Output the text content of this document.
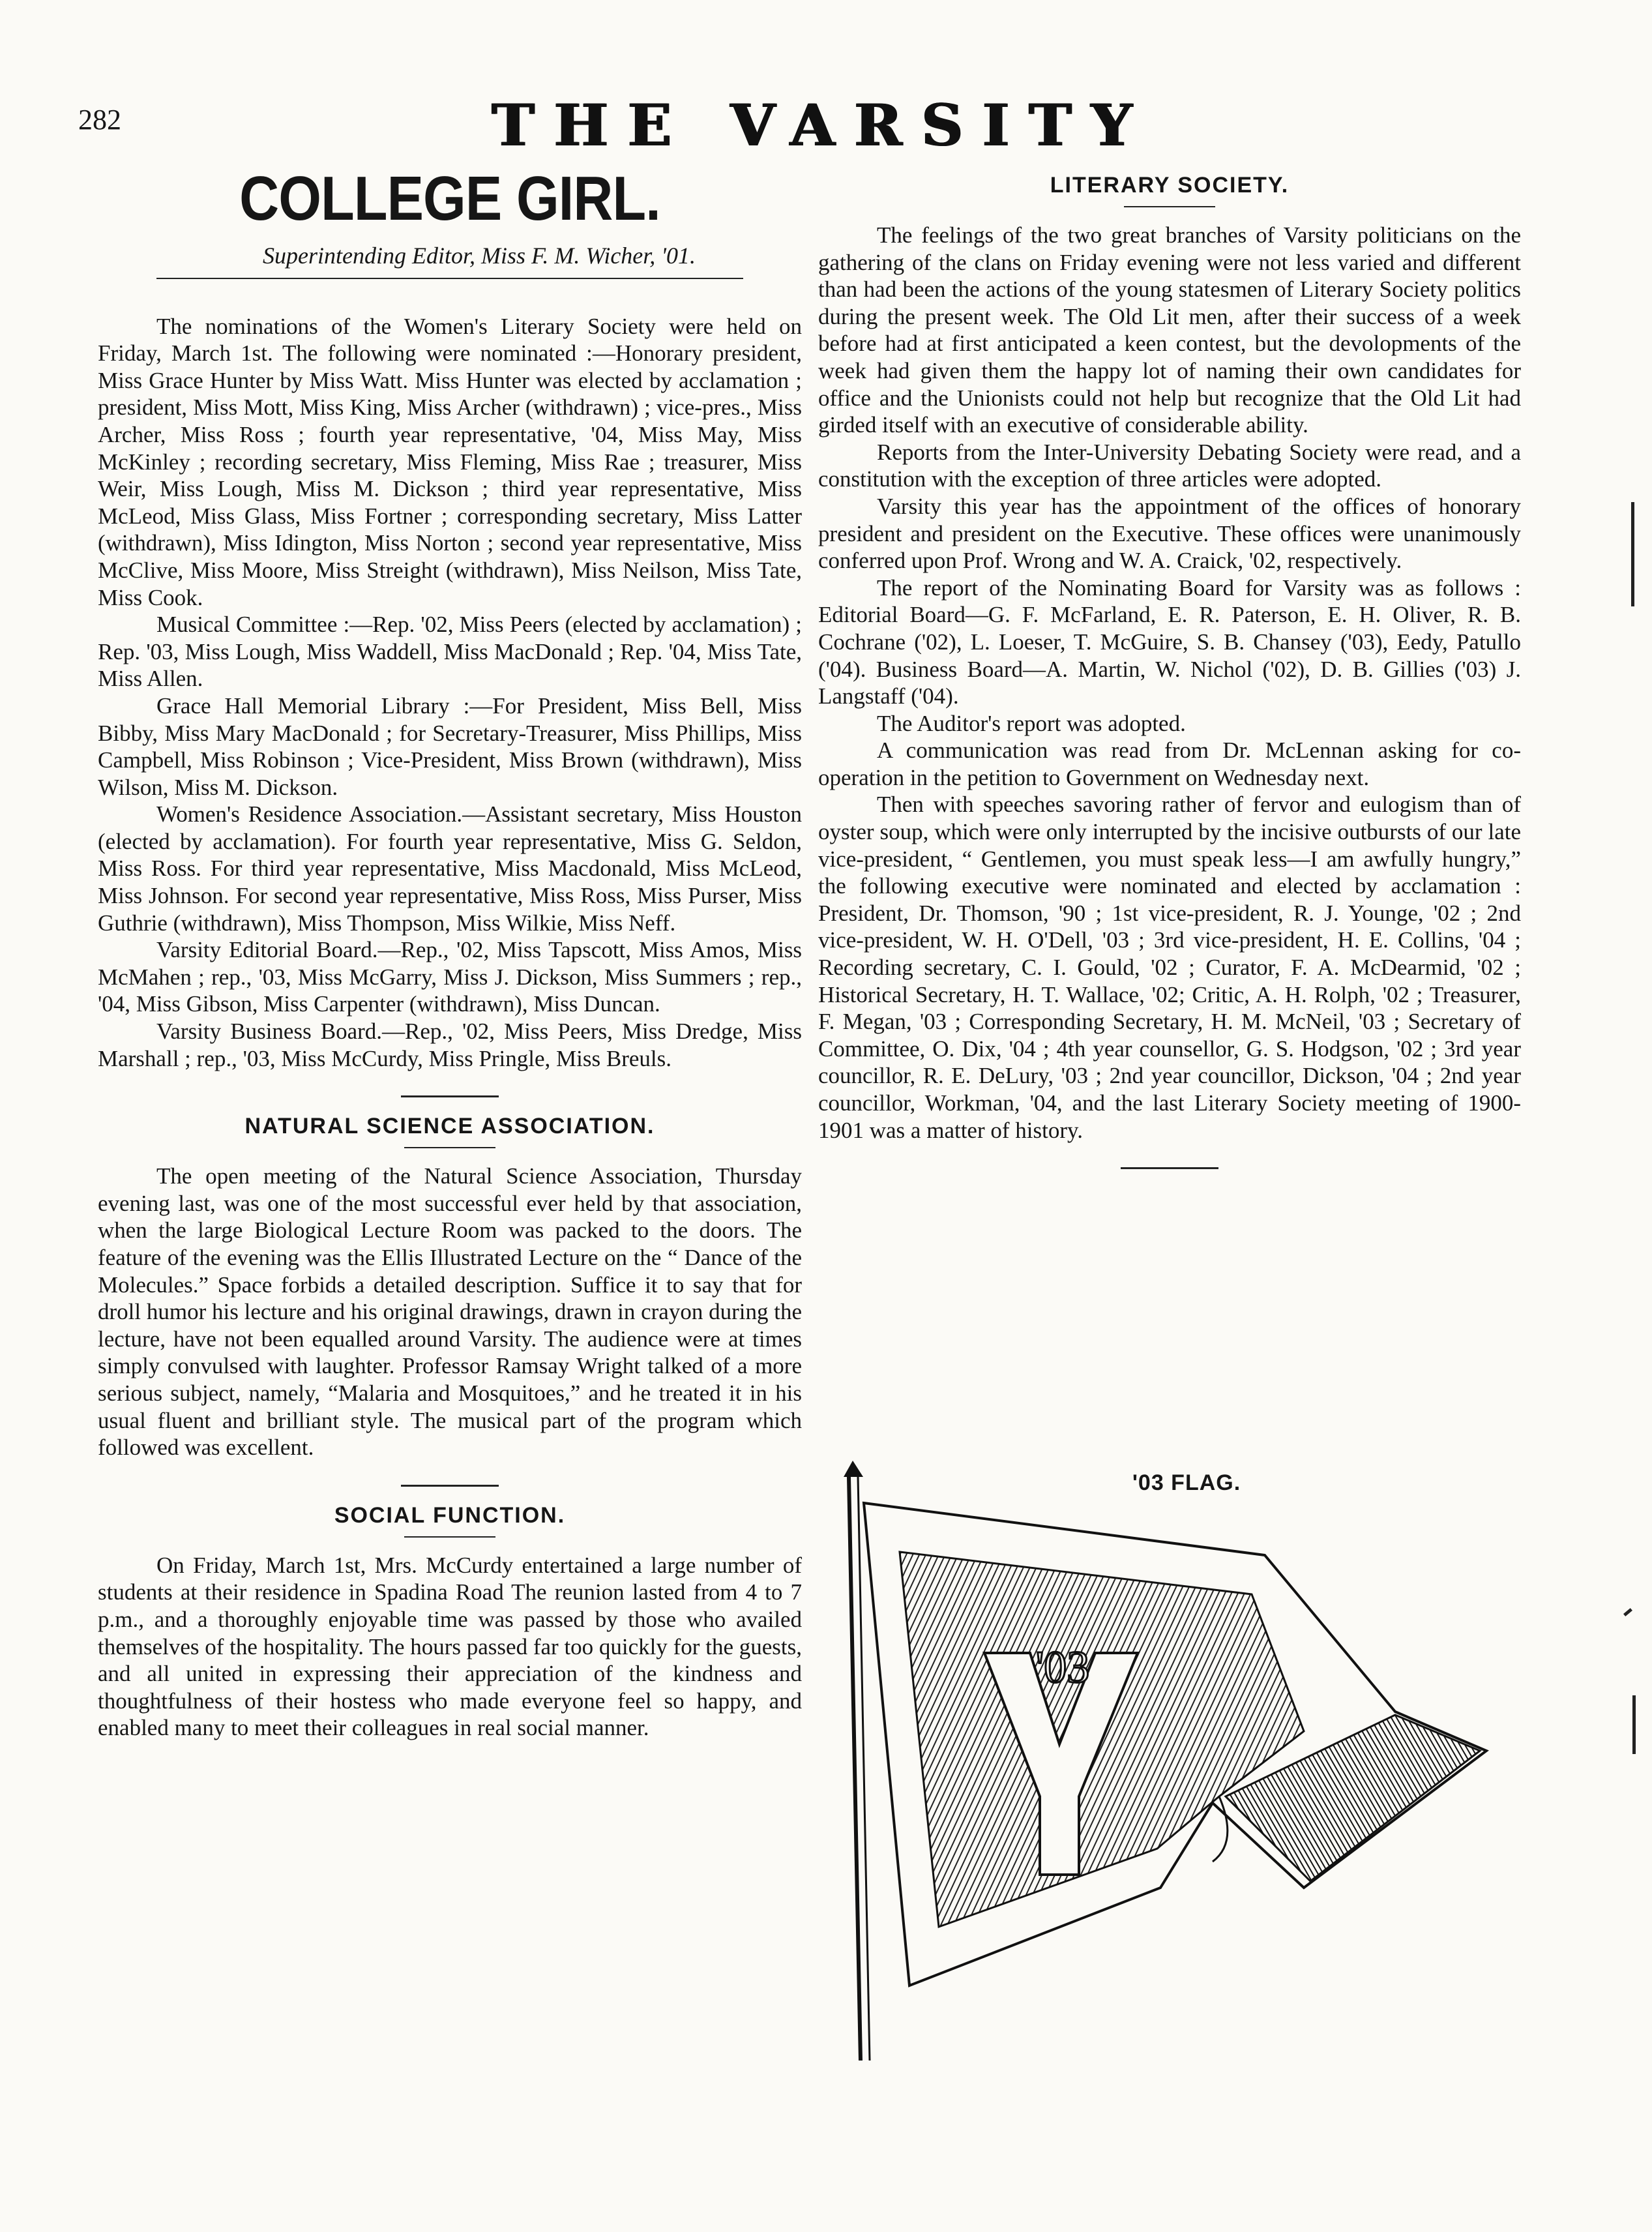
282	THE VARSITY
COLLEGE GIRL.

Superintending Editor, Miss F. M. Wicher, '01.

The nominations of the Women's Literary Society were held on Friday, March 1st. The following were nominated :—Honorary president, Miss Grace Hunter by Miss Watt. Miss Hunter was elected by acclamation ; president, Miss Mott, Miss King, Miss Archer (withdrawn) ; vice-pres., Miss Archer, Miss Ross ; fourth year representative, '04, Miss May, Miss McKinley ; recording secretary, Miss Fleming, Miss Rae ; treasurer, Miss Weir, Miss Lough, Miss M. Dickson ; third year representative, Miss McLeod, Miss Glass, Miss Fortner ; corresponding secretary, Miss Latter (withdrawn), Miss Idington, Miss Norton ; second year representative, Miss McClive, Miss Moore, Miss Streight (withdrawn), Miss Neilson, Miss Tate, Miss Cook.

Musical Committee :—Rep. '02, Miss Peers (elected by acclamation) ; Rep. '03, Miss Lough, Miss Waddell, Miss MacDonald ; Rep. '04, Miss Tate, Miss Allen.

Grace Hall Memorial Library :—For President, Miss Bell, Miss Bibby, Miss Mary MacDonald ; for Secretary-Treasurer, Miss Phillips, Miss Campbell, Miss Robinson ; Vice-President, Miss Brown (withdrawn), Miss Wilson, Miss M. Dickson.

Women's Residence Association.—Assistant secretary, Miss Houston (elected by acclamation). For fourth year representative, Miss G. Seldon, Miss Ross. For third year representative, Miss Macdonald, Miss McLeod, Miss Johnson. For second year representative, Miss Ross, Miss Purser, Miss Guthrie (withdrawn), Miss Thompson, Miss Wilkie, Miss Neff.

Varsity Editorial Board.—Rep., '02, Miss Tapscott, Miss Amos, Miss McMahen ; rep., '03, Miss McGarry, Miss J. Dickson, Miss Summers ; rep., '04, Miss Gibson, Miss Carpenter (withdrawn), Miss Duncan.

Varsity Business Board.—Rep., '02, Miss Peers, Miss Dredge, Miss Marshall ; rep., '03, Miss McCurdy, Miss Pringle, Miss Breuls.

NATURAL SCIENCE ASSOCIATION.

The open meeting of the Natural Science Association, Thursday evening last, was one of the most successful ever held by that association, when the large Biological Lecture Room was packed to the doors. The feature of the evening was the Ellis Illustrated Lecture on the “ Dance of the Molecules.” Space forbids a detailed description. Suffice it to say that for droll humor his lecture and his original drawings, drawn in crayon during the lecture, have not been equalled around Varsity. The audience were at times simply convulsed with laughter. Professor Ramsay Wright talked of a more serious subject, namely, “Malaria and Mosquitoes,” and he treated it in his usual fluent and brilliant style. The musical part of the program which followed was excellent.

SOCIAL FUNCTION.

On Friday, March 1st, Mrs. McCurdy entertained a large number of students at their residence in Spadina Road The reunion lasted from 4 to 7 p.m., and a thoroughly enjoyable time was passed by those who availed themselves of the hospitality. The hours passed far too quickly for the guests, and all united in expressing their appreciation of the kindness and thoughtfulness of their hostess who made everyone feel so happy, and enabled many to meet their colleagues in real social manner.

LITERARY SOCIETY.

The feelings of the two great branches of Varsity politicians on the gathering of the clans on Friday evening were not less varied and different than had been the actions of the young statesmen of Literary Society politics during the present week. The Old Lit men, after their success of a week before had at first anticipated a keen contest, but the devolopments of the week had given them the happy lot of naming their own candidates for office and the Unionists could not help but recognize that the Old Lit had girded itself with an executive of considerable ability.

Reports from the Inter-University Debating Society were read, and a constitution with the exception of three articles were adopted.

Varsity this year has the appointment of the offices of honorary president and president on the Executive. These offices were unanimously conferred upon Prof. Wrong and W. A. Craick, '02, respectively.

The report of the Nominating Board for Varsity was as follows : Editorial Board—G. F. McFarland, E. R. Paterson, E. H. Oliver, R. B. Cochrane ('02), L. Loeser, T. McGuire, S. B. Chansey ('03), Eedy, Patullo ('04). Business Board—A. Martin, W. Nichol ('02), D. B. Gillies ('03) J. Langstaff ('04).

The Auditor's report was adopted.

A communication was read from Dr. McLennan asking for co-operation in the petition to Government on Wednesday next.

Then with speeches savoring rather of fervor and eulogism than of oyster soup, which were only interrupted by the incisive outbursts of our late vice-president, “ Gentlemen, you must speak less—I am awfully hungry,” the following executive were nominated and elected by acclamation : President, Dr. Thomson, '90 ; 1st vice-president, R. J. Younge, '02 ; 2nd vice-president, W. H. O'Dell, '03 ; 3rd vice-president, H. E. Collins, '04 ; Recording secretary, C. I. Gould, '02 ; Curator, F. A. McDearmid, '02 ; Historical Secretary, H. T. Wallace, '02; Critic, A. H. Rolph, '02 ; Treasurer, F. Megan, '03 ; Corresponding Secretary, H. M. McNeil, '03 ; Secretary of Committee, O. Dix, '04 ; 4th year counsellor, G. S. Hodgson, '02 ; 3rd year councillor, R. E. DeLury, '03 ; 2nd year councillor, Dickson, '04 ; 2nd year councillor, Workman, '04, and the last Literary Society meeting of 1900-1901 was a matter of history.

'03 FLAG.
'03
